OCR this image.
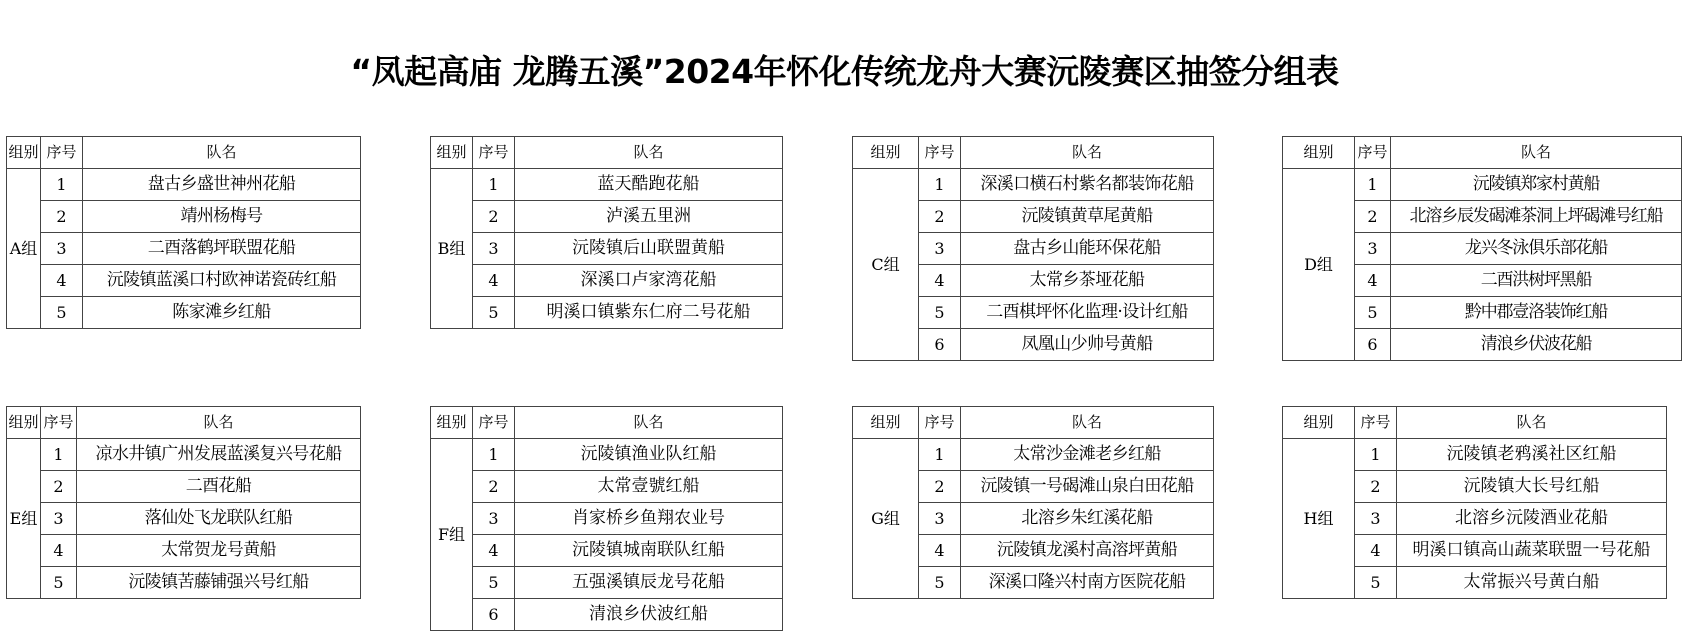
“凤起高庙 龙腾五溪”2024年怀化传统龙舟大赛沅陵赛区抽签分组表
组别	序号	队名
A组	1	盘古乡盛世神州花船
	2	靖州杨梅号
	3	二酉落鹤坪联盟花船
	4	沅陵镇蓝溪口村欧神诺瓷砖红船
	5	陈家滩乡红船
组别	序号	队名
B组	1	蓝天酷跑花船
	2	泸溪五里洲
	3	沅陵镇后山联盟黄船
	4	深溪口卢家湾花船
	5	明溪口镇紫东仁府二号花船
组别	序号	队名
C组	1	深溪口横石村紫名都装饰花船
	2	沅陵镇黄草尾黄船
	3	盘古乡山能环保花船
	4	太常乡茶垭花船
	5	二酉棋坪怀化监理·设计红船
	6	凤凰山少帅号黄船
组别	序号	队名
D组	1	沅陵镇郑家村黄船
	2	北溶乡辰发碣滩茶洞上坪碣滩号红船
	3	龙兴冬泳俱乐部花船
	4	二酉洪树坪黑船
	5	黔中郡壹洛装饰红船
	6	清浪乡伏波花船
组别	序号	队名
E组	1	凉水井镇广州发展蓝溪复兴号花船
	2	二酉花船
	3	落仙处飞龙联队红船
	4	太常贺龙号黄船
	5	沅陵镇苦藤铺强兴号红船
组别	序号	队名
F组	1	沅陵镇渔业队红船
	2	太常壹號红船
	3	肖家桥乡鱼翔农业号
	4	沅陵镇城南联队红船
	5	五强溪镇辰龙号花船
	6	清浪乡伏波红船
组别	序号	队名
G组	1	太常沙金滩老乡红船
	2	沅陵镇一号碣滩山泉白田花船
	3	北溶乡朱红溪花船
	4	沅陵镇龙溪村高溶坪黄船
	5	深溪口隆兴村南方医院花船
组别	序号	队名
H组	1	沅陵镇老鸦溪社区红船
	2	沅陵镇大长号红船
	3	北溶乡沅陵酒业花船
	4	明溪口镇高山蔬菜联盟一号花船
	5	太常振兴号黄白船
